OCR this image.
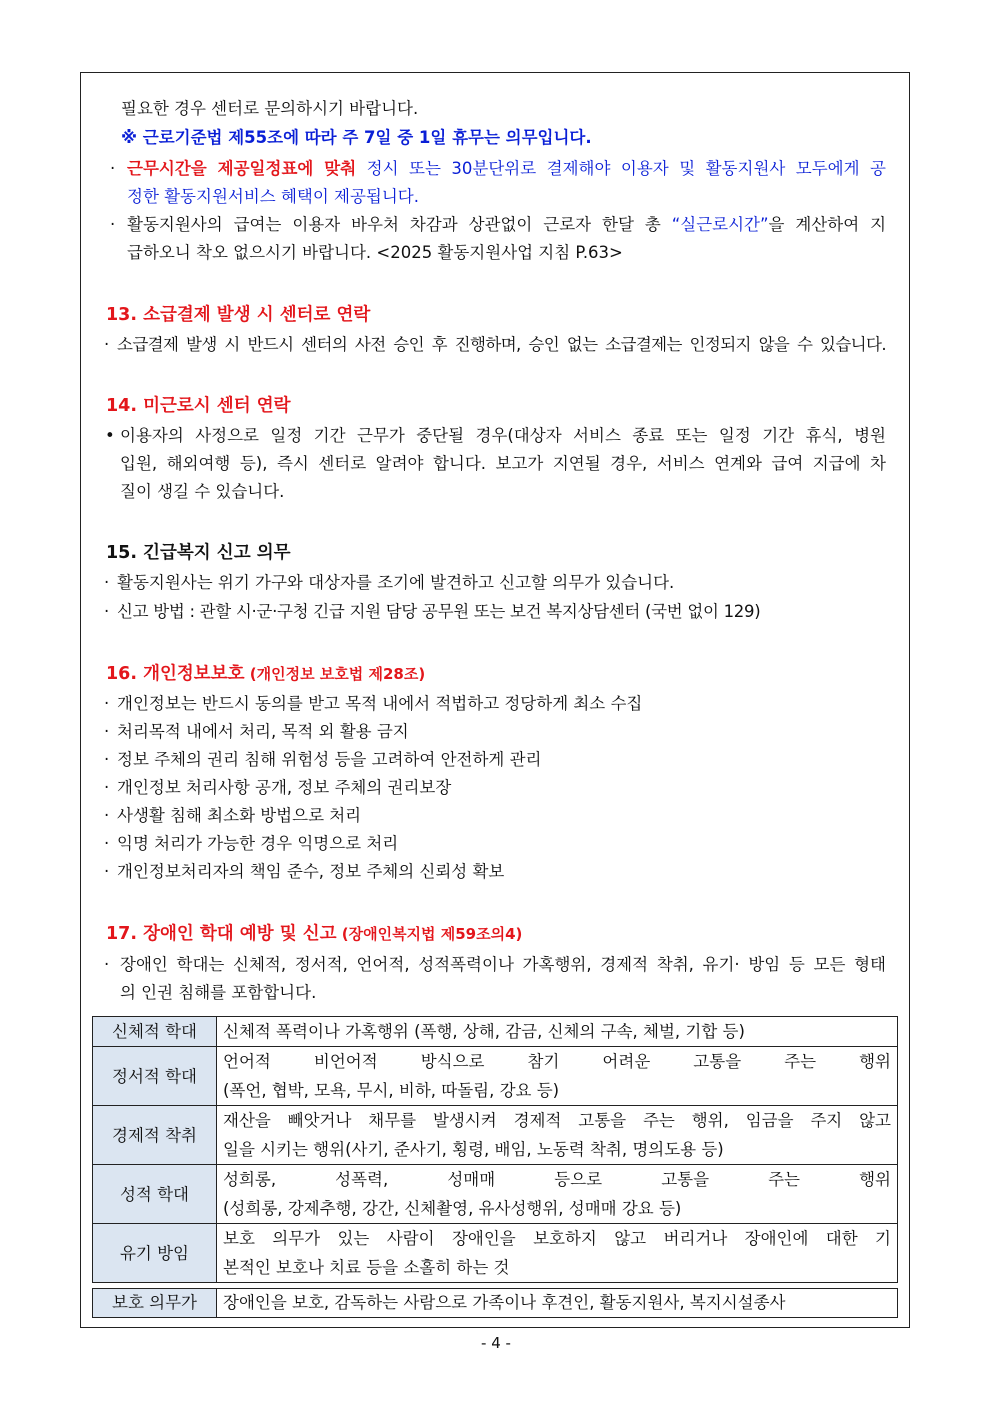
필요한 경우 센터로 문의하시기 바랍니다.
※ 근로기준법 제55조에 따라 주 7일 중 1일 휴무는 의무입니다.
· 근무시간을 제공일정표에 맞춰 정시 또는 30분단위로 결제해야 이용자 및 활동지원사 모두에게 공
정한 활동지원서비스 혜택이 제공됩니다.
· 활동지원사의 급여는 이용자 바우처 차감과 상관없이 근로자 한달 총 “실근로시간”을 계산하여 지
급하오니 착오 없으시기 바랍니다. <2025 활동지원사업 지침 P.63>
13. 소급결제 발생 시 센터로 연락
· 소급결제 발생 시 반드시 센터의 사전 승인 후 진행하며, 승인 없는 소급결제는 인정되지 않을 수 있습니다.
14. 미근로시 센터 연락
• 이용자의 사정으로 일정 기간 근무가 중단될 경우(대상자 서비스 종료 또는 일정 기간 휴식, 병원
입원, 해외여행 등), 즉시 센터로 알려야 합니다. 보고가 지연될 경우, 서비스 연계와 급여 지급에 차
질이 생길 수 있습니다.
15. 긴급복지 신고 의무
· 활동지원사는 위기 가구와 대상자를 조기에 발견하고 신고할 의무가 있습니다.
· 신고 방법 : 관할 시·군·구청 긴급 지원 담당 공무원 또는 보건 복지상담센터 (국번 없이 129)
16. 개인정보보호 (개인정보 보호법 제28조)
· 개인정보는 반드시 동의를 받고 목적 내에서 적법하고 정당하게 최소 수집
· 처리목적 내에서 처리, 목적 외 활용 금지
· 정보 주체의 권리 침해 위험성 등을 고려하여 안전하게 관리
· 개인정보 처리사항 공개, 정보 주체의 권리보장
· 사생활 침해 최소화 방법으로 처리
· 익명 처리가 가능한 경우 익명으로 처리
· 개인정보처리자의 책임 준수, 정보 주체의 신뢰성 확보
17. 장애인 학대 예방 및 신고 (장애인복지법 제59조의4)
· 장애인 학대는 신체적, 정서적, 언어적, 성적폭력이나 가혹행위, 경제적 착취, 유기· 방임 등 모든 형태
의 인권 침해를 포함합니다.
신체적 학대	신체적 폭력이나 가혹행위 (폭행, 상해, 감금, 신체의 구속, 체벌, 기합 등)

정서적 학대	언어적 비언어적 방식으로 참기 어려운 고통을 주는 행위
(폭언, 협박, 모욕, 무시, 비하, 따돌림, 강요 등)

경제적 착취	재산을 빼앗거나 채무를 발생시켜 경제적 고통을 주는 행위, 임금을 주지 않고
일을 시키는 행위(사기, 준사기, 횡령, 배임, 노동력 착취, 명의도용 등)

성적 학대	성희롱, 성폭력, 성매매 등으로 고통을 주는 행위
(성희롱, 강제추행, 강간, 신체촬영, 유사성행위, 성매매 강요 등)

유기 방임	보호 의무가 있는 사람이 장애인을 보호하지 않고 버리거나 장애인에 대한 기
본적인 보호나 치료 등을 소홀히 하는 것
보호 의무가	장애인을 보호, 감독하는 사람으로 가족이나 후견인, 활동지원사, 복지시설종사
- 4 -
